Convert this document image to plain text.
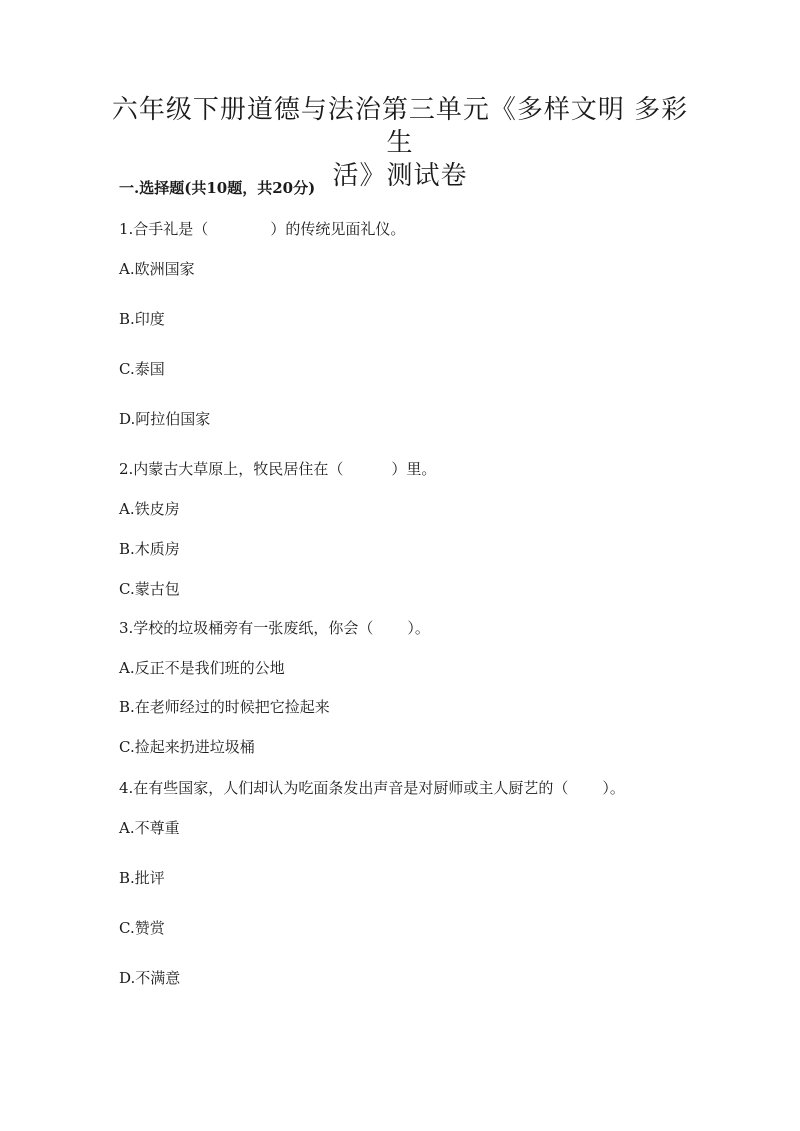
六年级下册道德与法治第三单元《多样文明 多彩生
活》测试卷
一.选择题(共10题，共20分)
1.合手礼是（	）的传统见面礼仪。
A.欧洲国家
B.印度
C.泰国
D.阿拉伯国家
2.内蒙古大草原上，牧民居住在（	）里。
A.铁皮房
B.木质房
C.蒙古包
3.学校的垃圾桶旁有一张废纸，你会（ ）。
A.反正不是我们班的公地
B.在老师经过的时候把它捡起来
C.捡起来扔进垃圾桶
4.在有些国家，人们却认为吃面条发出声音是对厨师或主人厨艺的（ ）。
A.不尊重
B.批评
C.赞赏
D.不满意
